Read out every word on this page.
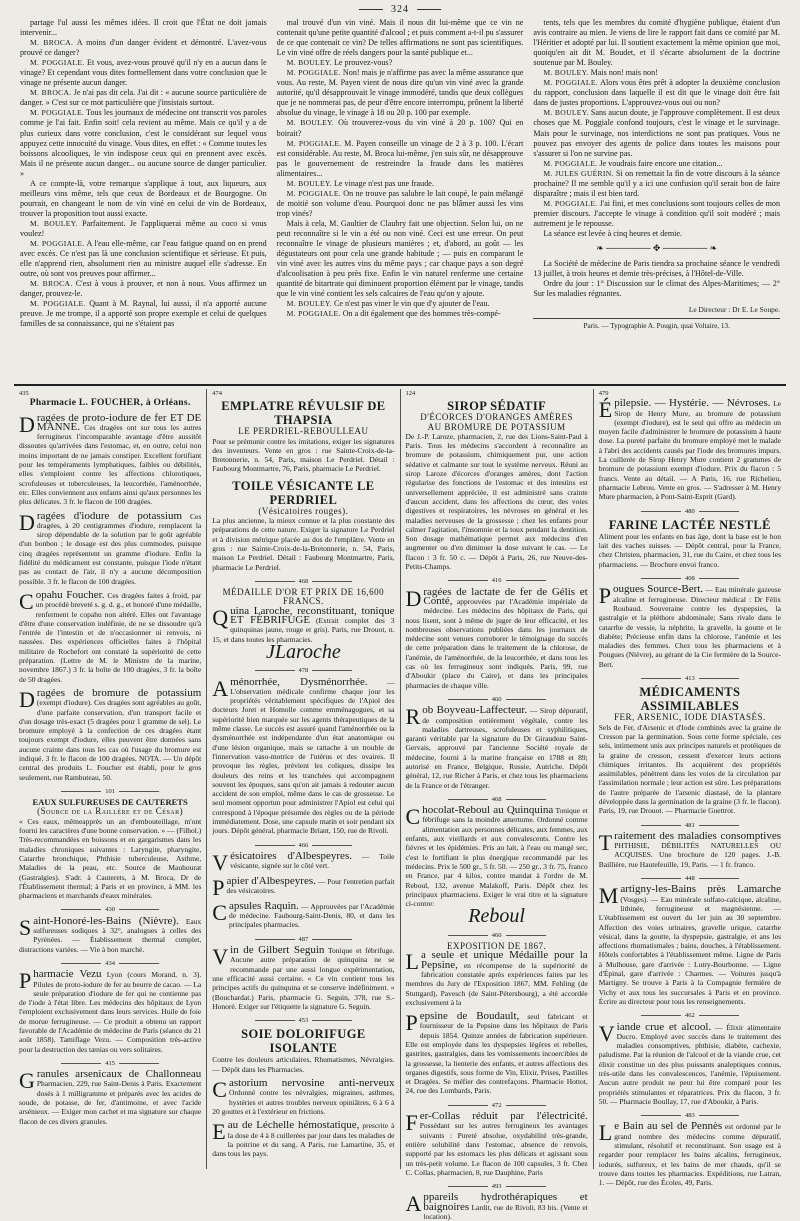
324

partage l'ul aussi les mêmes idées. Il croit que l'État ne doit jamais intervenir...

M. BROCA. A moins d'un danger évident et démontré. L'avez-vous prouvé ce danger?

M. POGGIALE. Et vous, avez-vous prouvé qu'il n'y en a aucun dans le vinage? Et cependant vous dites formellement dans votre conclusion que le vinage ne présente aucun danger.

M. BROCA. Je n'ai pas dit cela. J'ai dit : « aucune source particulière de danger. » C'est sur ce mot particulière que j'insistais surtout.

M. POGGIALE. Tous les journaux de médecine ont transcrit vos paroles comme je l'ai fait. Enfin soit! cela revient au même. Mais ce qu'il y a de plus curieux dans votre conclusion, c'est le considérant sur lequel vous appuyez cette innocuité du vinage. Vous dites, en effet : « Comme toutes les boissons alcooliques, le vin indispose ceux qui en prennent avec excès. Mais il ne présente aucun danger... ou aucune source de danger particulier. »

A ce compte-là, votre remarque s'applique à tout, aux liqueurs, aux meilleurs vins même, tels que ceux de Bordeaux et de Bourgogne. On pourrait, en changeant le nom de vin viné en celui de vin de Bordeaux, trouver la proposition tout aussi exacte.

M. BOULEY. Parfaitement. Je l'appliquerai même au coco si vous voulez!

M. POGGIALE. A l'eau elle-même, car l'eau fatigue quand on en prend avec excès. Ce n'est pas là une conclusion scientifique et sérieuse. Et puis, elle n'apprend rien, absolument rien au ministre auquel elle s'adresse. En outre, où sont vos preuves pour affirmer...

M. BROCA. C'est à vous à prouver, et non à nous. Vous affirmez un danger, prouvez-le.

M. POGGIALE. Quant à M. Raynal, lui aussi, il n'a apporté aucune preuve. Je me trompe, il a apporté son propre exemple et celui de quelques familles de sa connaissance, qui ne s'étaient pas

mal trouvé d'un vin viné. Mais il nous dit lui-même que ce vin ne contenait qu'une petite quantité d'alcool ; et puis comment a-t-il pu s'assurer de ce que contenait ce vin? De telles affirmations ne sont pas scientifiques. Le vin viné offre de réels dangers pour la santé publique et...

M. BOULEY. Le prouvez-vous?

M. POGGIALE. Non! mais je n'affirme pas avec la même assurance que vous. Au reste, M. Payen vient de nous dire qu'un vin viné avec la grande autorité, qu'il désapprouvait le vinage immodéré, tandis que deux collègues que je ne nommerai pas, de peur d'être encore interrompu, prônent la liberté absolue du vinage, le vinage à 18 ou 20 p. 100 par exemple.

M. BOULEY. Où trouverez-vous du vin viné à 20 p. 100? Qui en boirait?

M. POGGIALE. M. Payen conseille un vinage de 2 à 3 p. 100. L'écart est considérable. Au reste, M. Broca lui-même, j'en suis sûr, ne désapprouve pas le gouvernement de restreindre la fraude dans les matières alimentaires...

M. BOULEY. Le vinage n'est pas une fraude.

M. POGGIALE. On ne trouve pas salubre le lait coupé, le pain mélangé de moitié son volume d'eau. Pourquoi donc ne pas blâmer aussi les vins trop vinés?

Mais à cela, M. Gaultier de Claubry fait une objection. Selon lui, on ne peut reconnaître si le vin a été ou non viné. Ceci est une erreur. On peut reconnaître le vinage de plusieurs manières ; et, d'abord, au goût — les dégustateurs ont pour cela une grande habitude ; — puis en comparant le vin viné avec les autres vins du même pays ; car chaque pays a son degré d'alcoolisation à peu près fixe. Enfin le vin naturel renferme une certaine quantité de bitartrate qui diminuent proportion élément par le vinage, tandis que le vin viné contient les sels calcaires de l'eau qu'on y ajoute.

M. BOULEY. Ce n'est pas viner le vin que d'y ajouter de l'eau.

M. POGGIALE. On a dit également que des hommes très-compé-

tents, tels que les membres du comité d'hygiène publique, étaient d'un avis contraire au mien. Je viens de lire le rapport fait dans ce comité par M. l'Héritier et adopté par lui. Il soutient exactement la même opinion que moi, quoiqu'en ait dit M. Boudet, et il s'écarte absolument de la doctrine soutenue par M. Bouley.

M. BOULEY. Mais non! mais non!

M. POGGIALE. Alors vous êtes prêt à adopter la deuxième conclusion du rapport, conclusion dans laquelle il est dit que le vinage doit être fait dans de justes proportions. L'approuvez-vous oui ou non?

M. BOULEY. Sans aucun doute, je l'approuve complètement. Il est deux choses que M. Poggiale confond toujours, c'est le vinage et le survinage. Mais pour le survinage, nos interdictions ne sont pas pratiques. Vous ne pouvez pas envoyer des agents de police dans toutes les maisons pour s'assurer si l'on ne survine pas.

M. POGGIALE. Je voudrais faire encore une citation...

M. JULES GUÉRIN. Si on remettait la fin de votre discours à la séance prochaine? Il me semble qu'il y a ici une confusion qu'il serait bon de faire disparaître ; mais il est bien tard.

M. POGGIALE. J'ai fini, et mes conclusions sont toujours celles de mon premier discours. J'accepte le vinage à condition qu'il soit modéré ; mais autrement je le repousse.

La séance est levée à cinq heures et demie.

❧ ─────── ✥ ─────── ❧

La Société de médecine de Paris tiendra sa prochaine séance le vendredi 13 juillet, à trois heures et demie très-précises, à l'Hôtel-de-Ville.

Ordre du jour : 1° Discussion sur le climat des Alpes-Maritimes; — 2° Sur les maladies régnantes.

Le Directeur : Dr E. Le Soupe.
Paris. — Typographie A. Pougin, quai Voltaire, 13.
435
Pharmacie L. FOUCHER, à Orléans.

Dragées de proto-iodure de fer ET DE MANNE. Ces dragées ont sur tous les autres ferrugineux l'incomparable avantage d'être aussitôt dissoutes qu'arrivées dans l'estomac, et, en outre, celui non moins important de ne jamais constiper. Excellent fortifiant pour les tempéraments lymphatiques, faibles ou débilités, elles s'emploient contre les affections chlorotiques, scrofuleuses et tuberculeuses, la leucorrhée, l'aménorrhée, etc. Elles conviennent aux enfants ainsi qu'aux personnes les plus délicates. 3 fr. le flacon de 100 dragées.

Dragées d'iodure de potassium Ces dragées, à 20 centigrammes d'iodure, remplacent la sirop dépendable de la solution par le goût agréable d'un bonbon ; le dosage est des plus commodes, puisque cinq dragées représentent un gramme d'iodure. Enfin la fidélité du médicament est constante, puisque l'iode n'étant pas au contact de l'air, il n'y a aucune décomposition possible. 3 fr. le flacon de 100 dragées.

Copahu Foucher. Ces dragées faites à froid, par un procédé breveté s. g. d. g., et honoré d'une médaille, renferment le copahu non altéré. Elles ont l'avantage d'être d'une conservation indéfinie, de ne se dissoudre qu'à l'entrée de l'intestin et de n'occasionner ni renvois, ni nausées. Des expériences officielles faites à l'hôpital militaire de Rochefort ont constaté la supériorité de cette préparation. (Lettre de M. le Ministre de la marine, novembre 1867.) 3 fr. la boîte de 100 dragées, 3 fr. la boîte de 50 dragées.

Dragées de bromure de potassium (exempt d'iodure). Ces dragées sont agréables au goût, d'une parfaite conservation, d'un transport facile et d'un dosage très-exact (5 dragées pour 1 gramme de sel). Le bromure employé à la confection de ces dragées étant toujours exempt d'iodure, elles peuvent être données sans aucune crainte dans tous les cas où l'usage du bromure est indiqué. 3 fr. le flacon de 100 dragées. NOTA. — Un dépôt central des produits L. Foucher est établi, pour le gros seulement, rue Rambuteau, 50.

101
EAUX SULFUREUSES DE CAUTERETS
(Source de la Raillère et de César)

« Ces eaux, mêmeapprès un an d'embouteillage, m'ont fourni les caractères d'une bonne conservation. » — (Filhol.) Très-recommandées en boissons et en gargarismes dans les maladies chroniques suivantes : Laryngite, pharyngite, Catarrhe bronchique, Phthisie tuberculeuse, Asthme, Maladies de la peau, etc. Source de Mauhourat (Gastralgies). S'adr. à Cauterets, à M. Broca, Dr de l'Établissement thermal; à Paris et en province, à MM. les pharmaciens et marchands d'eaux minérales.

430

Saint-Honoré-les-Bains (Nièvre). Eaux sulfureuses sodiques à 32°, analogues à celles des Pyrénées. — Établissement thermal complet, distractions variées. — Vie à bon marché.

434

Pharmacie Vezu Lyon (cours Morand, n. 3). Pilules de proto-iodure de fer au beurre de cacao. — La seule préparation d'iodure de fer qui ne contienne pas de l'iode à l'état libre. Les médecins des hôpitaux de Lyon l'emploient exclusivement dans leurs services. Huile de foie de morue ferrugineuse. — Ce produit a obtenu un rapport favorable de l'Académie de médecine de Paris (séance du 21 août 1858). Tamiflage Vezu. — Composition très-active pour la destruction des tænias ou vers solitaires.

415

Granules arsenicaux de Challonneau Pharmacien, 229, rue Saint-Denis à Paris. Exactement dosés à 1 milligramme et préparés avec les acides de soude, de potasse, de fer, d'antimoine, et avec l'acide arsénieux. — Exiger mon cachet et ma signature sur chaque flacon de ces divers granules.

474
EMPLATRE RÉVULSIF DE THAPSIA
LE PERDRIEL-REBOULLEAU

Pour se prémunir contre les imitations, exiger les signatures des inventeurs. Vente en gros : rue Sainte-Croix-de-la-Bretonnerie, n. 54, Paris, maison Le Perdriel. Détail : Faubourg Montmartre, 76, Paris, pharmacie Le Perdriel.

TOILE VÉSICANTE LE PERDRIEL
(Vésicatoires rouges).

La plus ancienne, la mieux connue et la plus constante des préparations de cette nature. Exiger la signature Le Perdriel et à division métrique placée au dos de l'emplâtre. Vente en gros : rue Sainte-Croix-de-la-Bretonnerie, n. 54, Paris, maison Le Perdriel. Détail : Faubourg Montmartre, Paris, pharmacie Le Perdriel.

468
MÉDAILLE D'OR ET PRIX DE 16,600 FRANCS.

Quina Laroche, reconstituant, tonique ET FÉBRIFUGE (Extrait complet des 3 quinquinas jaune, rouge et gris). Paris, rue Drouot, n. 15, et dans toutes les pharmacies.

JLaroche
478

Aménorrhée, Dysménorrhée.	— L'observation médicale confirme chaque jour les propriétés véritablement spécifiques de l'Apiol des docteurs Joret et Homolle comme emménagogues, et sa supériorité bien marquée sur les agents thérapeutiques de la même classe. Le succès est assuré quand l'aménorrhée ou la dysménorrhée est indépendante d'un état anatomique ou d'une lésion organique, mais se rattache à un trouble de l'innervation vaso-motrice de l'utérus et des ovaires. Il provoque les règles, prévient les coliques, dissipe les douleurs des reins et les tranchées qui accompagnent souvent les époques, sans qu'on ait jamais à redouter aucun accident de son emploi, même dans le cas de grossesse. Le seul moment opportun pour administrer l'Apiol est celui qui correspond à l'époque présumée des règles ou de la période immédiatement. Dose, une capsule matin et soir pendant six jours. Dépôt général, pharmacie Briant, 150, rue de Rivoli.

466

Vésicatoires d'Albespeyres. — Toile vésicante, signée sur le côté vert.

Papier d'Albespeyres. — Pour l'entretien parfait des vésicatoires.

Capsules Raquin. — Approuvées par l'Académie de médecine. Faubourg-Saint-Denis, 80, et dans les principales pharmacies.

487

Vin de Gilbert Seguin Tonique et fébrifuge. Aucune autre préparation de quinquina ne se recommande par une aussi longue expérimentation, une efficacité aussi certaine. « Ce vin contient tous les principes actifs du quinquina et se conserve indéfiniment. » (Bouchardat.) Paris, pharmacie G. Seguin, 378, rue S.-Honoré. Exiger sur l'étiquette la signature G. Seguin.

453
SOIE DOLORIFUGE ISOLANTE

Contre les douleurs articulaires, Rhumatismes, Névralgies. — Dépôt dans les Pharmacies.

Castorium nervosine anti-nerveux Ordonné contre les névralgies, migraines, asthmes, hystéries et autres troubles nerveux opiniâtres, 6 à 6 à 20 gouttes et à l'extérieur en frictions.

Eau de Léchelle hémostatique, prescrite à la dose de 4 à 8 cuillerées par jour dans les maladies de la poitrine et du sang. A Paris, rue Lamartine, 35, et dans tous les pays.

124
SIROP SÉDATIF
D'ÉCORCES D'ORANGES AMÈRES
AU BROMURE DE POTASSIUM

De J.-P. Laroze, pharmacien, 2, rue des Lions-Saint-Paul à Paris. Tous les médecins s'accordent à reconnaître au bromure de potassium, chimiquement pur, une action sédative et calmante sur tout le système nerveux. Réuni au sirop Laroze d'écorces d'oranges amères, dont l'action régularise des fonctions de l'estomac et des intestins est universellement appréciée, il est administré sans crainte d'aucun accident, dans les affections du cœur, des voies digestives et respiratoires, les névroses en général et les maladies nerveuses de la grossesse ; chez les enfants pour calmer l'agitation, l'insomnie et la toux pendant la dentition. Son dosage mathématique permet aux médecins d'en augmenter ou d'en diminuer la dose suivant le cas. — Le flacon : 3 fr. 50 c. — Dépôt à Paris, 26, rue Neuve-des-Petits-Champs.

416

Dragées de lactate de fer de Gélis et Conté, approuvées par l'Académie impériale de médecine. Les médecins des hôpitaux de Paris, qui nous lisent, sont à même de juger de leur efficacité, et les nombreuses observations publiées dans les journaux de médecine sont venues corroborer le témoignage du succès de cette préparation dans le traitement de la chlorose, de l'anémie, de l'aménorrhée, de la leucorrhée, et dans tous les cas où les ferrugineux sont indiqués. Paris, 99, rue d'Aboukir (place du Caire), et dans les principales pharmacies de chaque ville.

460

Rob Boyveau-Laffecteur. — Sirop dépuratif, de composition entièrement végétale, contre les maladies dartreuses, scrofuleuses et syphilitiques, garanti véritable par la signature du Dr Giraudeau Saint-Gervais, approuvé par l'ancienne Société royale de médecine, fourni à la marine française en 1788 et 89; autorisé en France, Belgique, Russie, Autriche. Dépôt général, 12, rue Richer à Paris, et chez tous les pharmaciens de la France et de l'étranger.

468

Chocolat-Reboul au Quinquina Tonique et fébrifuge sans la moindre amertume. Ordonné comme alimentation aux personnes délicates, aux femmes, aux enfants, aux vieillards et aux convalescents. Contre les fièvres et les épidémies. Pris au lait, à l'eau ou mangé sec, c'est le fortifiant le plus énergique recommandé par les médecins. Prix le 500 gr., 5 fr. 50. — 250 gr., 3 fr. 75, franco en France, par 4 kilos, contre mandat à l'ordre de M. Reboul, 132, avenue Malakoff, Paris. Dépôt chez les principaux pharmaciens. Exiger le vrai titre et la signature ci-contre:

Reboul
460
EXPOSITION DE 1867.

La seule et unique Médaille pour la Pepsine, en récompense de la supériorité de fabrication constatée après expériences faites par les membres du Jury de l'Exposition 1867, MM. Fehling (de Stuttgard), Pavesch (de Saint-Pétersbourg), a été accordée exclusivement à la

Pepsine de Boudault, seul fabricant et fournisseur de la Pepsine dans les hôpitaux de Paris depuis 1854. Quinze années de fabrication supérieure. Elle est employée dans les dyspepsies légères et rebelles, gastrites, gastralgies, dans les vomissements incoercibles de la grossesse, la lienterie des enfants, et autres affections des organes digestifs, sous forme de Vin, Elixir, Prises, Pastilles et Dragées. Se méfier des contrefaçons. Pharmacie Hottot, 24, rue des Lombards, Paris.

472

Fer-Collas réduit par l'électricité. Possédant sur les autres ferrugineux les avantages suivants : Pureté absolue, oxydabilité très-grande, entière solubilité dans l'estomac, absence de renvois, supporté par les estomacs les plus délicats et agissant sous un très-petit volume. Le flacon de 100 capsules, 3 fr. Chez C. Collas, pharmacien, 8, rue Dauphine, Paris

493

Appareils hydrothérapiques et baignoires Lardit, rue de Rivoli, 83 bis. (Vente et location).

479

Épilepsie. — Hystérie. — Névroses. Le Sirop de Henry Mure, au bromure de potassium (exempt d'iodure), est le seul qui offre au médecin un moyen facile d'administrer le bromure de potassium à haute dose. La pureté parfaite du bromure employé met le malade à l'abri des accidents causés par l'iode des bromures impurs. La cuillerée de Sirop Henry Mure contient 2 grammes de bromure de potassium exempt d'iodure. Prix du flacon : 5 francs. Vente au détail. — A Paris, 16, rue Richelieu, pharmacie Lebrou. Vente en gros. — S'adresser à M. Henry Mure pharmacien, à Pont-Saint-Esprit (Gard).

480
FARINE LACTÉE NESTLÉ

Aliment pour les enfants en bas âge, dont la base est le bon lait des vaches suisses. — Dépôt central, pour la France, chez Christen, pharmacien, 31, rue du Caire, et chez tous les pharmaciens. — Brochure envoi franco.

408

Pougues Source-Bert. — Eau minérale gazeuse alcaline et ferrugineuse. Directeur médical : Dr Félix Roubaud. Souveraine contre les dyspepsies, la gastralgie et la pléthore abdominale; Sans rivale dans le catarrhe de vessie, la néphrite, la gravelle, la goutte et le diabète; Précieuse enfin dans la chlorose, l'anémie et les maladies des femmes. Chez tous les pharmaciens et à Pougues (Nièvre), au gérant de la Cie fermière de la Source-Bert.

413
MÉDICAMENTS ASSIMILABLES
FER, ARSENIC, IODE DIASTASÉS.

Sels de Fer, d'Arsenic et d'Iode combinés avec la graine de Cresson par la germination. Sous cette forme spéciale, ces sels, intimement unis aux principes naturels et protéiques de la graine de cresson, cessent d'exercer leurs actions chimiques irritantes. Ils acquièrent des propriétés assimilables, pénètrent dans les voies de la circulation par l'assimilation normale ; leur action est sûre. Les préparations de l'autre préparée de l'arsenic diastasé, de la plantare développée dans la germination de la graine (3 fr. le flacon). Paris, 19, rue Drouot. — Pharmacie Guettrot.

481

Traitement des maladies consomptives PHTHISIE, DÉBILITÉS NATURELLES OU ACQUISES. Une brochure de 120 pages. J.-B. Baillière, rue Hautefeuille, 19, Paris. — 1 fr. franco.

448

Martigny-les-Bains près Lamarche (Vosges). — Eau minérale sulfato-calcique, alcaline, lithinée, ferrugineuse et magnésienne. — L'établissement est ouvert du 1er juin au 30 septembre. Affection des voies urinaires, gravelle urique, catarrhe vésical, dans la goutte, la dyspepsie, gastralgie, et ans les affections rhumatismales ; bains, douches, à l'établissement. Hôtels confortables à l'établissement même. Ligne de Paris à Mulhouse, gare d'arrivée : Lutry-Bourbonne. — Ligne d'Épinal, gare d'arrivée : Charmes. — Voitures jusqu'à Martigny. Se trouve à Paris à la Compagnie fermière de Vichy et aux tous les succursales à Paris et en province. Écrire au directeur pour tous les renseignements.

462

Viande crue et alcool. — Élixir alimentaire Ducro. Employé avec succès dans le traitement des maladies consomptives, phthisie, diabète, cachexie, paludisme. Par la réunion de l'alcool et de la viande crue, cet élixir constitue un des plus puissants analeptiques connus, très-utile dans les convalescences, l'anémie, l'épuisement. Aucun autre produit ne peut lui être comparé pour les propriétés stimulantes et réparatrices. Prix du flacon, 3 fr. 50. — Pharmacie Boullay, 17, rue d'Aboukir, à Paris.

483

Le Bain au sel de Pennès est ordonné par le grand nombre des médecins comme dépuratif, stimulant, résolutif et reconstituant. Son usage est à regarder pour remplacer les bains alcalins, ferrugineux, iodurés, sulfureux, et les bains de mer chauds, qu'il se trouve dans toutes les pharmacies. Expéditions, rue Latran, 1. — Dépôt, rue des Écoles, 49, Paris.
